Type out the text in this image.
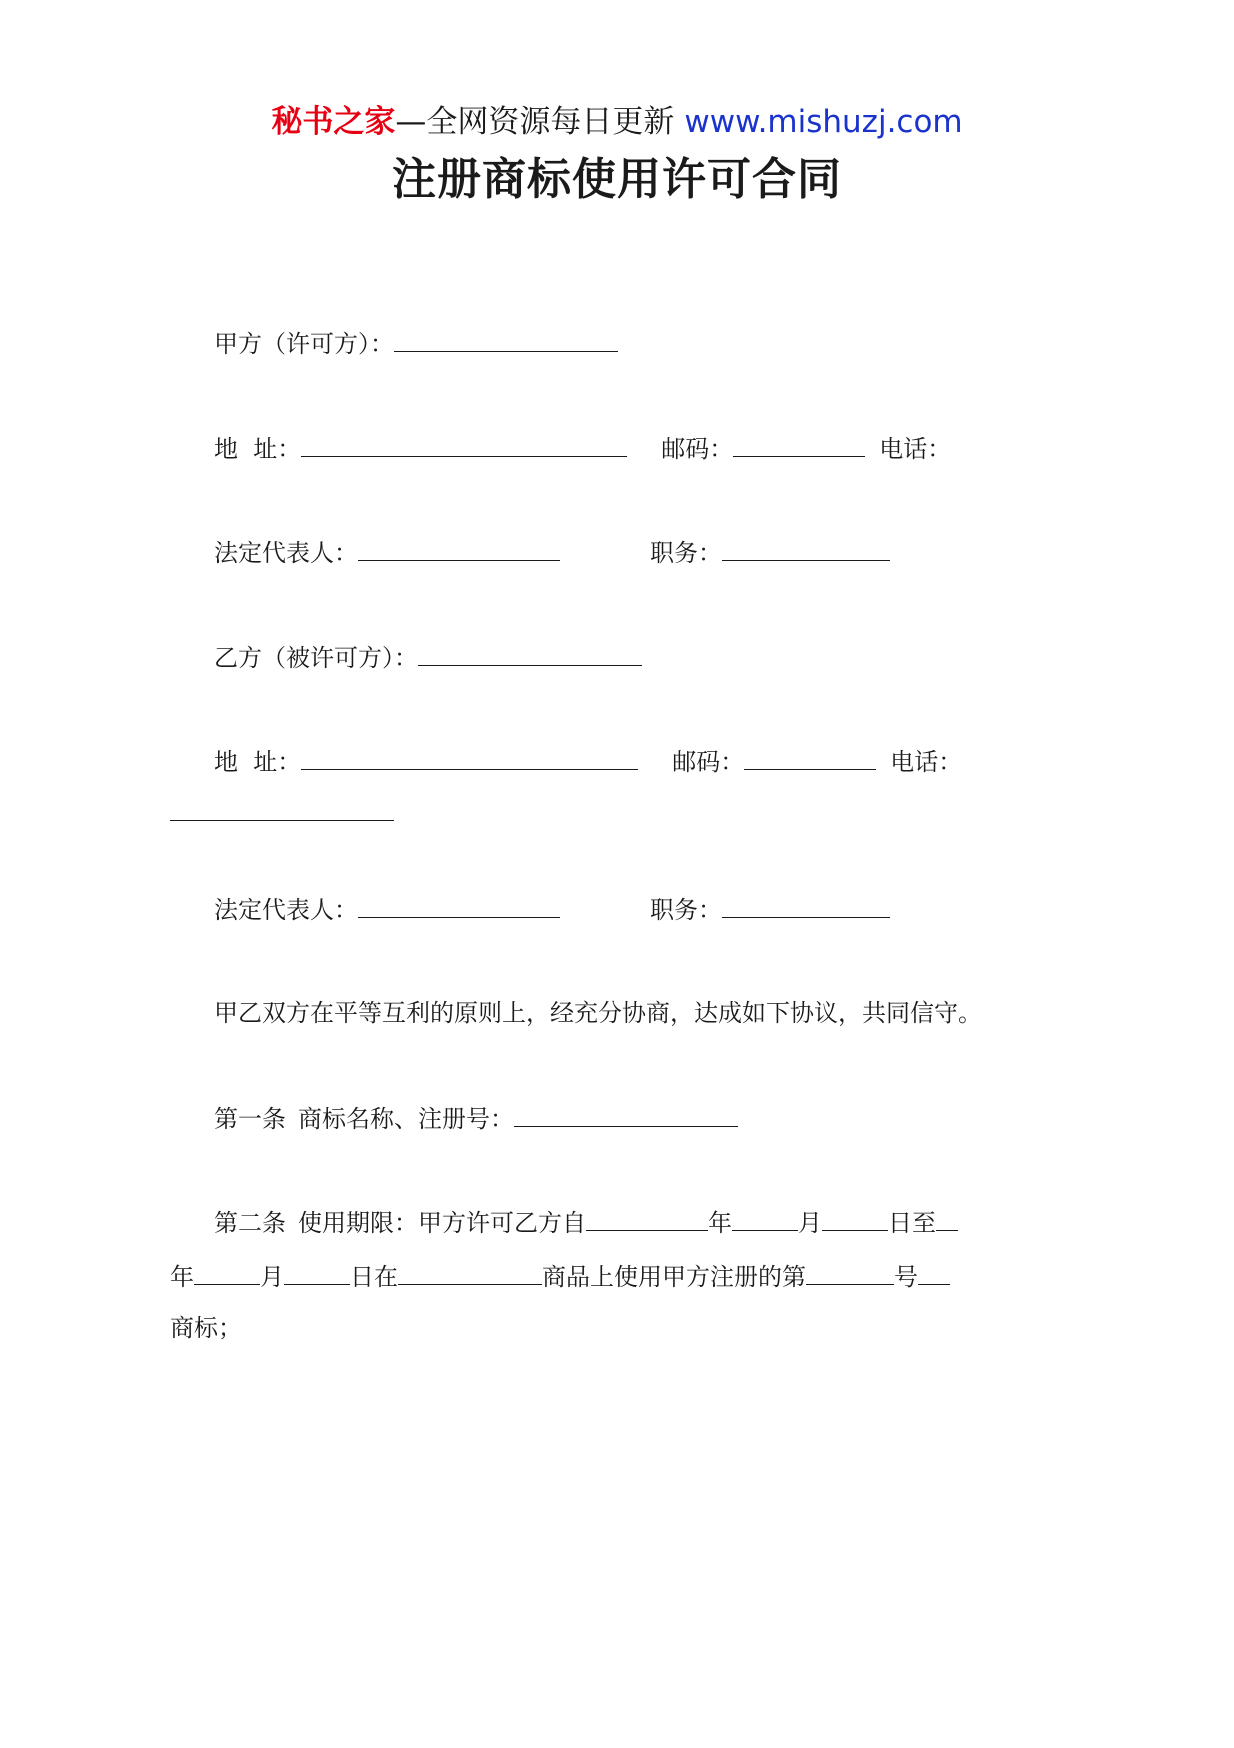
秘书之家—全网资源每日更新 www.mishuzj.com
注册商标使用许可合同
甲方（许可方）：
地  址：	邮码：	电话：
法定代表人：	职务：
乙方（被许可方）：
地  址：	邮码：	电话：
法定代表人：	职务：
甲乙双方在平等互利的原则上，经充分协商，达成如下协议，共同信守。
第一条 商标名称、注册号：
第二条 使用期限：甲方许可乙方自	年	月	日至
年	月	日在	商品上使用甲方注册的第	号
商标；
